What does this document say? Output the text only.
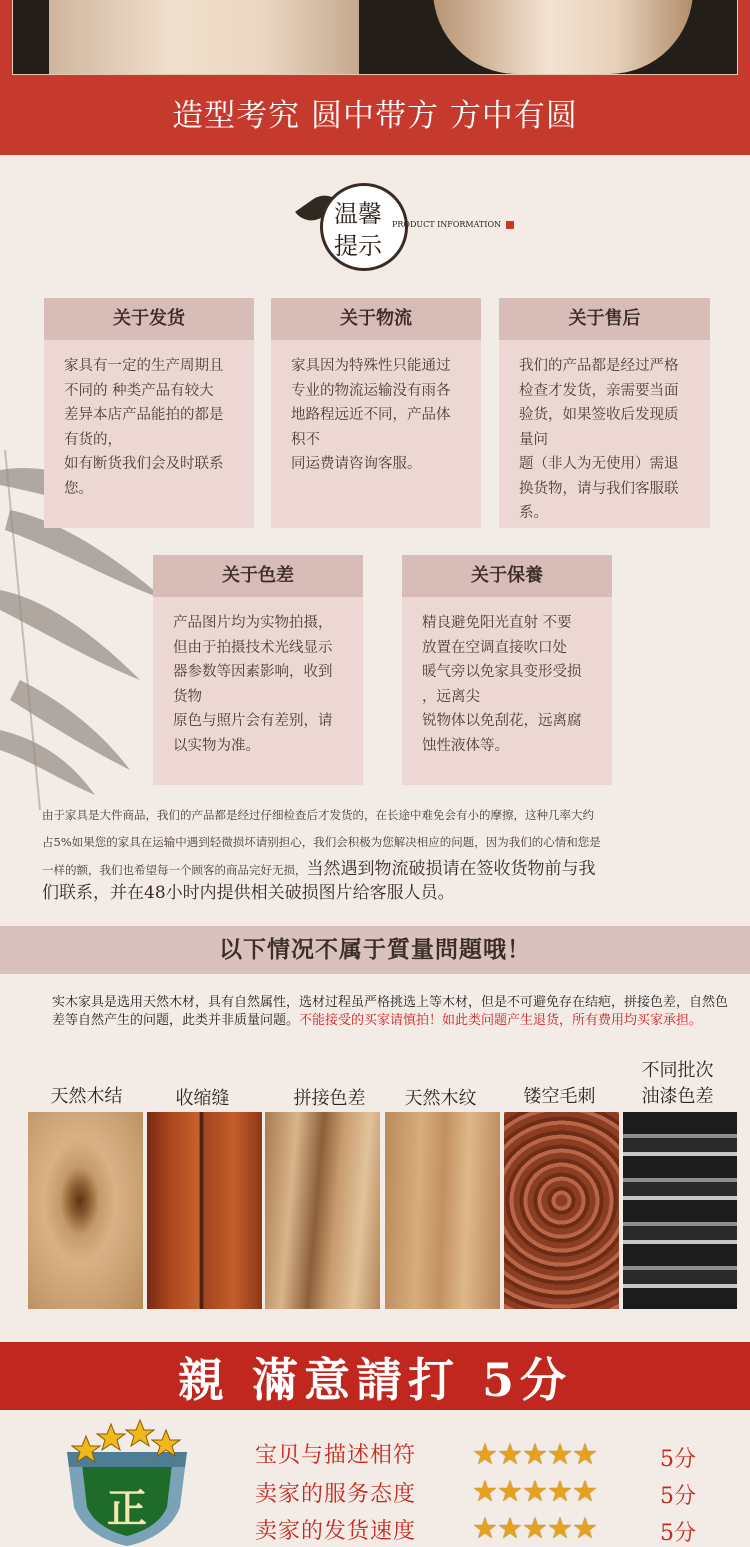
造型考究 圆中带方 方中有圆
温馨
提示
PRODUCT INFORMATION
关于发货
家具有一定的生产周期且
不同的 种类产品有较大
差异本店产品能拍的都是
有货的，
如有断货我们会及时联系
您。
关于物流
家具因为特殊性只能通过
专业的物流运输没有雨各
地路程远近不同，产品体
积不
同运费请咨询客服。
关于售后
我们的产品都是经过严格
检查才发货，亲需要当面
验货，如果签收后发现质
量问
题（非人为无使用）需退
换货物，请与我们客服联
系。
关于色差
产品图片均为实物拍摄，
但由于拍摄技术光线显示
器参数等因素影响，收到
货物
原色与照片会有差别，请
以实物为准。
关于保養
精良避免阳光直射 不要
放置在空调直接吹口处
暖气旁以免家具变形受损
，远离尖
锐物体以免刮花，远离腐
蚀性液体等。
由于家具是大件商品，我们的产品都是经过仔细检查后才发货的，在长途中难免会有小的摩擦，这种几率大约
占5%如果您的家具在运输中遇到轻微损坏请别担心，我们会积极为您解决相应的问题，因为我们的心情和您是
一样的额，我们也希望每一个顾客的商品完好无损，当然遇到物流破损请在签收货物前与我
们联系，并在48小时内提供相关破损图片给客服人员。
以下情况不属于質量問題哦！
实木家具是选用天然木材，具有自然属性，选材过程虽严格挑选上等木材，但是不可避免存在结疤，拼接色差，自然色差等自然产生的问题，此类并非质量问题。不能接受的买家请慎拍！如此类问题产生退货，所有费用均买家承担。
天然木结	收缩缝	拼接色差	天然木纹	镂空毛刺
不同批次
油漆色差
親 滿意請打 5分
正
宝贝与描述相符 ★★★★★	5分
卖家的服务态度 ★★★★★	5分
卖家的发货速度 ★★★★★	5分
